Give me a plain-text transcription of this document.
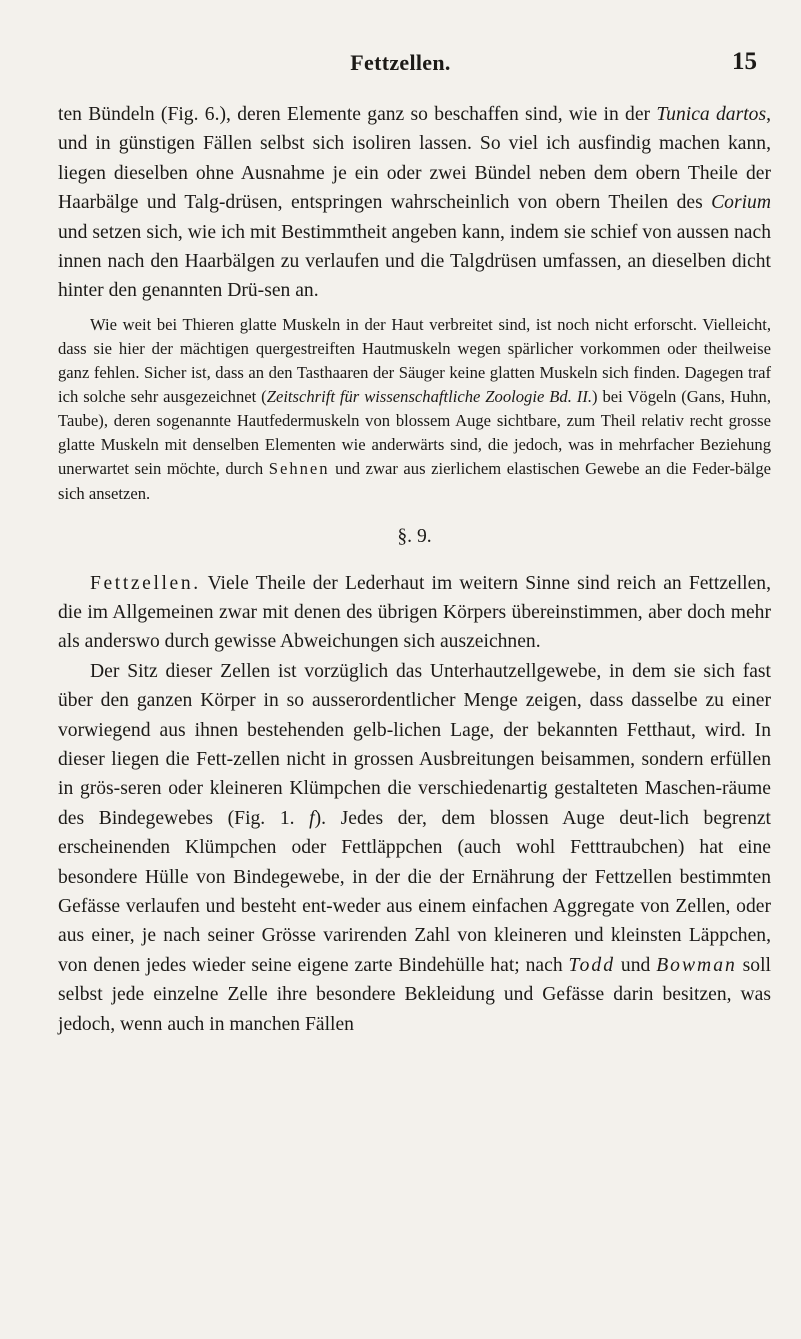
Fettzellen.	15

ten Bündeln (Fig. 6.), deren Elemente ganz so beschaffen sind, wie in der Tunica dartos, und in günstigen Fällen selbst sich isoliren lassen. So viel ich ausfindig machen kann, liegen dieselben ohne Ausnahme je ein oder zwei Bündel neben dem obern Theile der Haarbälge und Talg-drüsen, entspringen wahrscheinlich von obern Theilen des Corium und setzen sich, wie ich mit Bestimmtheit angeben kann, indem sie schief von aussen nach innen nach den Haarbälgen zu verlaufen und die Talgdrüsen umfassen, an dieselben dicht hinter den genannten Drü-sen an.

Wie weit bei Thieren glatte Muskeln in der Haut verbreitet sind, ist noch nicht erforscht. Vielleicht, dass sie hier der mächtigen quergestreiften Hautmuskeln wegen spärlicher vorkommen oder theilweise ganz fehlen. Sicher ist, dass an den Tasthaaren der Säuger keine glatten Muskeln sich finden. Dagegen traf ich solche sehr ausgezeichnet (Zeitschrift für wissenschaftliche Zoologie Bd. II.) bei Vögeln (Gans, Huhn, Taube), deren sogenannte Hautfedermuskeln von blossem Auge sichtbare, zum Theil relativ recht grosse glatte Muskeln mit denselben Elementen wie anderwärts sind, die jedoch, was in mehrfacher Beziehung unerwartet sein möchte, durch Sehnen und zwar aus zierlichem elastischen Gewebe an die Feder-bälge sich ansetzen.

§. 9.

Fettzellen. Viele Theile der Lederhaut im weitern Sinne sind reich an Fettzellen, die im Allgemeinen zwar mit denen des übrigen Körpers übereinstimmen, aber doch mehr als anderswo durch gewisse Abweichungen sich auszeichnen.

Der Sitz dieser Zellen ist vorzüglich das Unterhautzellgewebe, in dem sie sich fast über den ganzen Körper in so ausserordentlicher Menge zeigen, dass dasselbe zu einer vorwiegend aus ihnen bestehenden gelb-lichen Lage, der bekannten Fetthaut, wird. In dieser liegen die Fett-zellen nicht in grossen Ausbreitungen beisammen, sondern erfüllen in grös-seren oder kleineren Klümpchen die verschiedenartig gestalteten Maschen-räume des Bindegewebes (Fig. 1. f). Jedes der, dem blossen Auge deut-lich begrenzt erscheinenden Klümpchen oder Fettläppchen (auch wohl Fetttraubchen) hat eine besondere Hülle von Bindegewebe, in der die der Ernährung der Fettzellen bestimmten Gefässe verlaufen und besteht ent-weder aus einem einfachen Aggregate von Zellen, oder aus einer, je nach seiner Grösse varirenden Zahl von kleineren und kleinsten Läppchen, von denen jedes wieder seine eigene zarte Bindehülle hat; nach Todd und Bowman soll selbst jede einzelne Zelle ihre besondere Bekleidung und Gefässe darin besitzen, was jedoch, wenn auch in manchen Fällen
